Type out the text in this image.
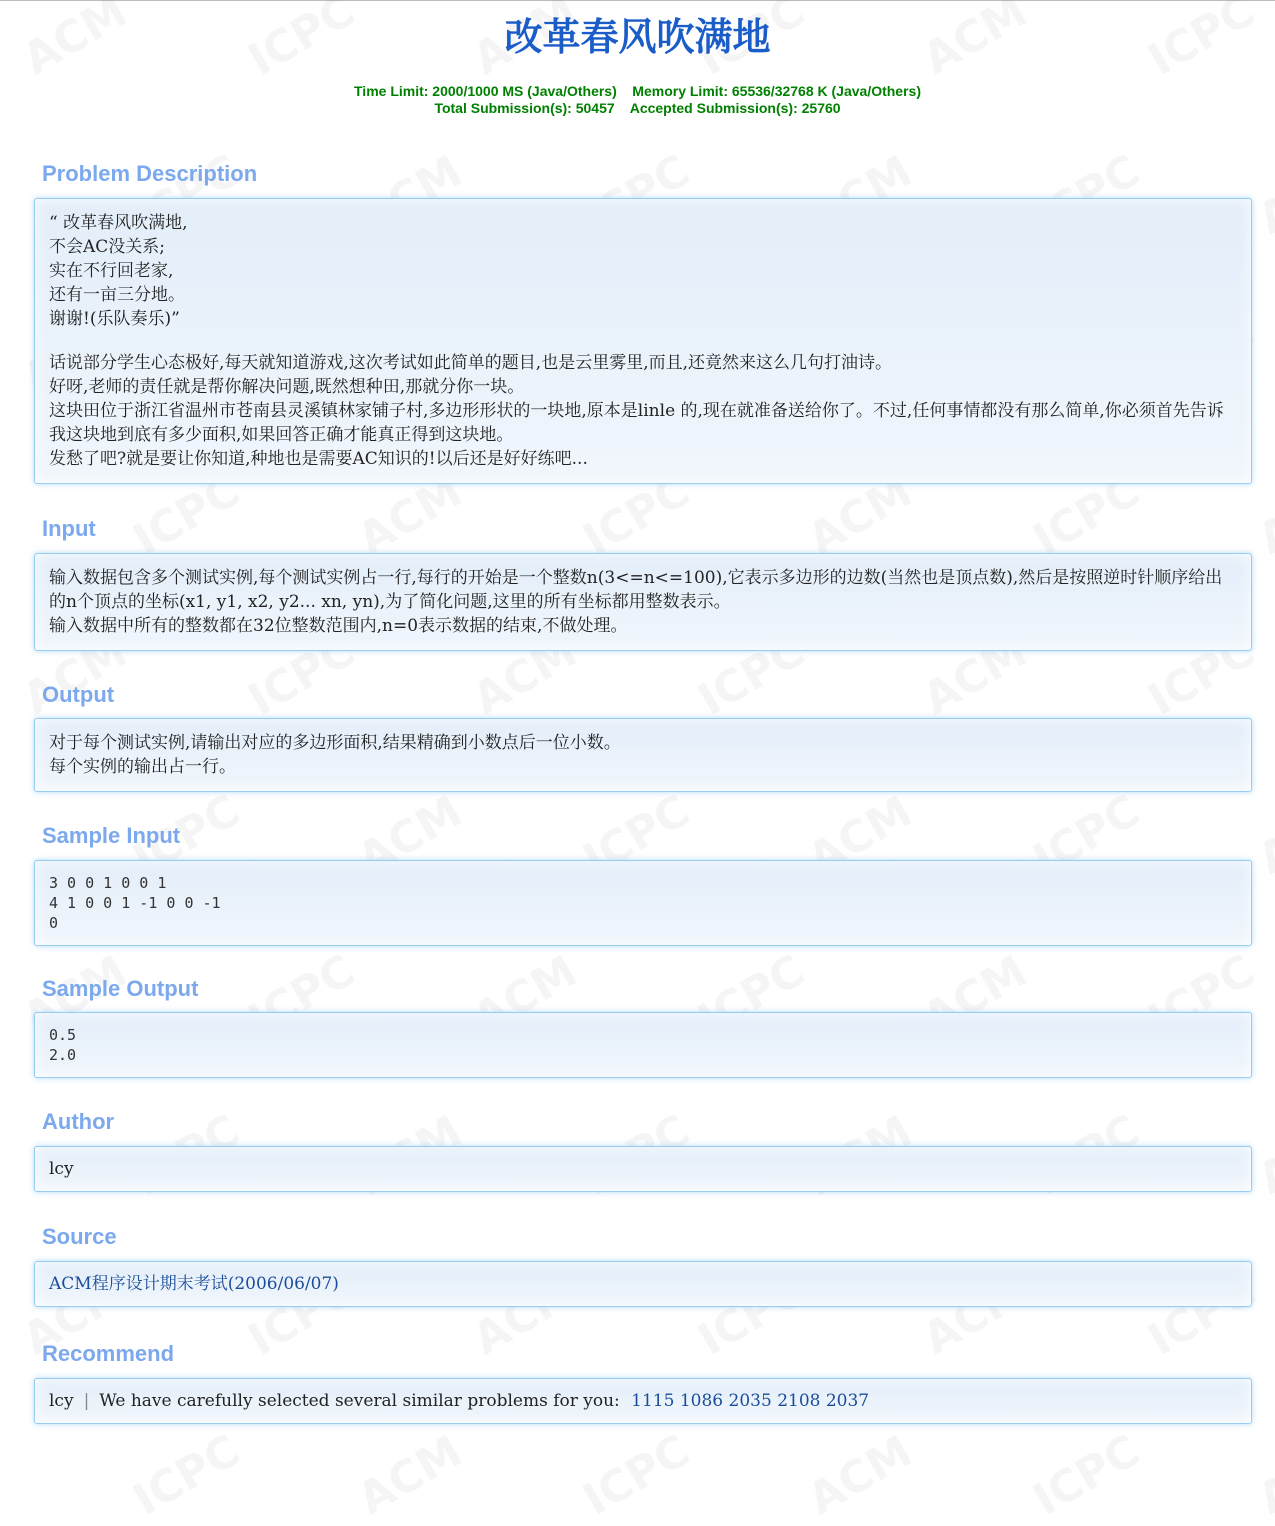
改革春风吹满地
Time Limit: 2000/1000 MS (Java/Others)    Memory Limit: 65536/32768 K (Java/Others)
Total Submission(s): 50457    Accepted Submission(s): 25760
Problem Description

“ 改革春风吹满地,

不会AC没关系;

实在不行回老家,

还有一亩三分地。

谢谢!(乐队奏乐)”

话说部分学生心态极好,每天就知道游戏,这次考试如此简单的题目,也是云里雾里,而且,还竟然来这么几句打油诗。

好呀,老师的责任就是帮你解决问题,既然想种田,那就分你一块。

这块田位于浙江省温州市苍南县灵溪镇林家铺子村,多边形形状的一块地,原本是linle 的,现在就准备送给你了。不过,任何事情都没有那么简单,你必须首先告诉我这块地到底有多少面积,如果回答正确才能真正得到这块地。

发愁了吧?就是要让你知道,种地也是需要AC知识的!以后还是好好练吧...

Input

输入数据包含多个测试实例,每个测试实例占一行,每行的开始是一个整数n(3<=n<=100),它表示多边形的边数(当然也是顶点数),然后是按照逆时针顺序给出的n个顶点的坐标(x1, y1, x2, y2... xn, yn),为了简化问题,这里的所有坐标都用整数表示。

输入数据中所有的整数都在32位整数范围内,n=0表示数据的结束,不做处理。

Output

对于每个测试实例,请输出对应的多边形面积,结果精确到小数点后一位小数。

每个实例的输出占一行。

Sample Input
3 0 0 1 0 0 1
4 1 0 0 1 -1 0 0 -1
0
Sample Output
0.5
2.0
Author

lcy

Source

ACM程序设计期末考试(2006/06/07)

Recommend

lcy | We have carefully selected several similar problems for you: 1115 1086 2035 2108 2037
